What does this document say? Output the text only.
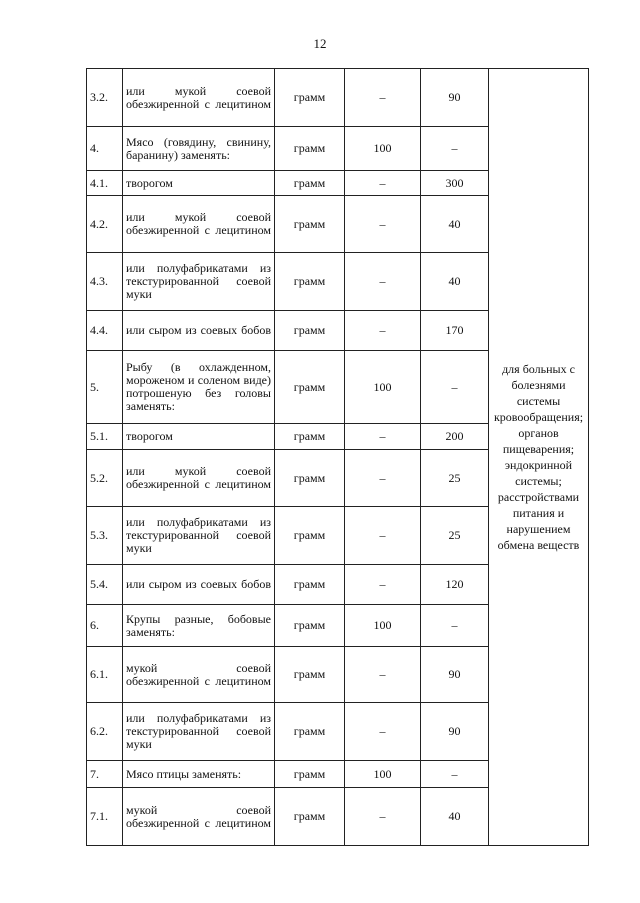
12
3.2.	или мукой соевой обезжиренной с лецитином	грамм	–	90	для больных с болезнями системы кровообращения; органов пищеварения; эндокринной системы; расстройствами питания и нарушением обмена веществ
4.	Мясо (говядину, свинину, баранину) заменять:	грамм	100	–	
4.1.	творогом	грамм	–	300	
4.2.	или мукой соевой обезжиренной с лецитином	грамм	–	40	
4.3.	или полуфабрикатами из текстурированной соевой муки	грамм	–	40	
4.4.	или сыром из соевых бобов	грамм	–	170	
5.	Рыбу (в охлажденном, мороженом и соленом виде) потрошеную без головы заменять:	грамм	100	–	
5.1.	творогом	грамм	–	200	
5.2.	или мукой соевой обезжиренной с лецитином	грамм	–	25	
5.3.	или полуфабрикатами из текстурированной соевой муки	грамм	–	25	
5.4.	или сыром из соевых бобов	грамм	–	120	
6.	Крупы разные, бобовые заменять:	грамм	100	–	
6.1.	мукой соевой обезжиренной с лецитином	грамм	–	90	
6.2.	или полуфабрикатами из текстурированной соевой муки	грамм	–	90	
7.	Мясо птицы заменять:	грамм	100	–	
7.1.	мукой соевой обезжиренной с лецитином	грамм	–	40	
